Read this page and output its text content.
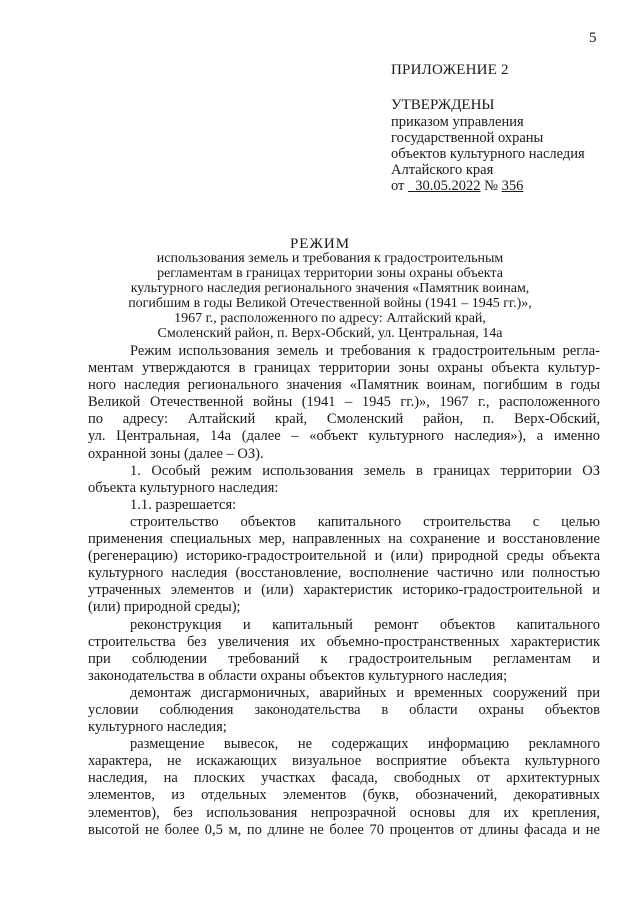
5
ПРИЛОЖЕНИЕ 2
УТВЕРЖДЕНЫ
приказом управления
государственной охраны
объектов культурного наследия
Алтайского края
от 30.05.2022 № 356
РЕЖИМ
использования земель и требования к градостроительным
регламентам в границах территории зоны охраны объекта
культурного наследия регионального значения «Памятник воинам,
погибшим в годы Великой Отечественной войны (1941 – 1945 гг.)»,
1967 г., расположенного по адресу: Алтайский край,
Смоленский район, п. Верх-Обский, ул. Центральная, 14а

Режим использования земель и требования к градостроительным регла-
ментам утверждаются в границах территории зоны охраны объекта культур-
ного наследия регионального значения «Памятник воинам, погибшим в годы
Великой Отечественной войны (1941 – 1945 гг.)», 1967 г., расположенного
по адресу: Алтайский край, Смоленский район, п. Верх-Обский,
ул. Центральная, 14а (далее – «объект культурного наследия»), а именно
охранной зоны (далее – ОЗ).

1. Особый режим использования земель в границах территории ОЗ
объекта культурного наследия:

1.1. разрешается:

строительство объектов капитального строительства с целью
применения специальных мер, направленных на сохранение и восстановление
(регенерацию) историко-градостроительной и (или) природной среды объекта
культурного наследия (восстановление, восполнение частично или полностью
утраченных элементов и (или) характеристик историко-градостроительной и
(или) природной среды);

реконструкция и капитальный ремонт объектов капитального
строительства без увеличения их объемно-пространственных характеристик
при соблюдении требований к градостроительным регламентам и
законодательства в области охраны объектов культурного наследия;

демонтаж дисгармоничных, аварийных и временных сооружений при
условии соблюдения законодательства в области охраны объектов
культурного наследия;

размещение вывесок, не содержащих информацию рекламного
характера, не искажающих визуальное восприятие объекта культурного
наследия, на плоских участках фасада, свободных от архитектурных
элементов, из отдельных элементов (букв, обозначений, декоративных
элементов), без использования непрозрачной основы для их крепления,
высотой не более 0,5 м, по длине не более 70 процентов от длины фасада и не
